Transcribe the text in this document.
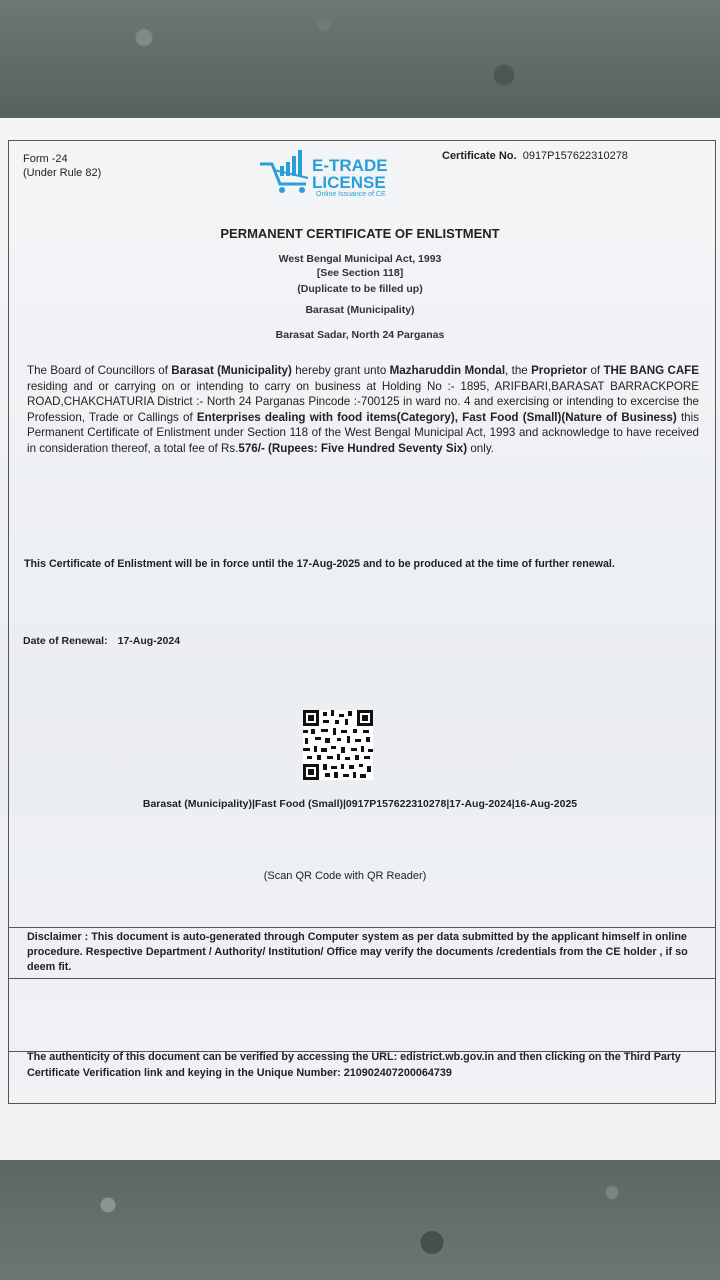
Form -24
(Under Rule 82)	E-TRADE
LICENSE
Online Issuance of CE
Certificate No. 0917P157622310278
PERMANENT CERTIFICATE OF ENLISTMENT
West Bengal Municipal Act, 1993
[See Section 118]
(Duplicate to be filled up)
Barasat (Municipality)
Barasat Sadar, North 24 Parganas
The Board of Councillors of Barasat (Municipality) hereby grant unto Mazharuddin Mondal, the Proprietor of THE BANG CAFE residing and or carrying on or intending to carry on business at Holding No :- 1895, ARIFBARI,BARASAT BARRACKPORE ROAD,CHAKCHATURIA District :- North 24 Parganas Pincode :-700125 in ward no. 4 and exercising or intending to excercise the Profession, Trade or Callings of Enterprises dealing with food items(Category), Fast Food (Small)(Nature of Business) this Permanent Certificate of Enlistment under Section 118 of the West Bengal Municipal Act, 1993 and acknowledge to have received in consideration thereof, a total fee of Rs.576/- (Rupees: Five Hundred Seventy Six) only.
This Certificate of Enlistment will be in force until the 17-Aug-2025 and to be produced at the time of further renewal.
Date of Renewal: 17-Aug-2024
Barasat (Municipality)|Fast Food (Small)|0917P157622310278|17-Aug-2024|16-Aug-2025
(Scan QR Code with QR Reader)
Disclaimer : This document is auto-generated through Computer system as per data submitted by the applicant himself in online procedure. Respective Department / Authority/ Institution/ Office may verify the documents /credentials from the CE holder , if so deem fit.
The authenticity of this document can be verified by accessing the URL: edistrict.wb.gov.in and then clicking on the Third Party Certificate Verification link and keying in the Unique Number: 210902407200064739
